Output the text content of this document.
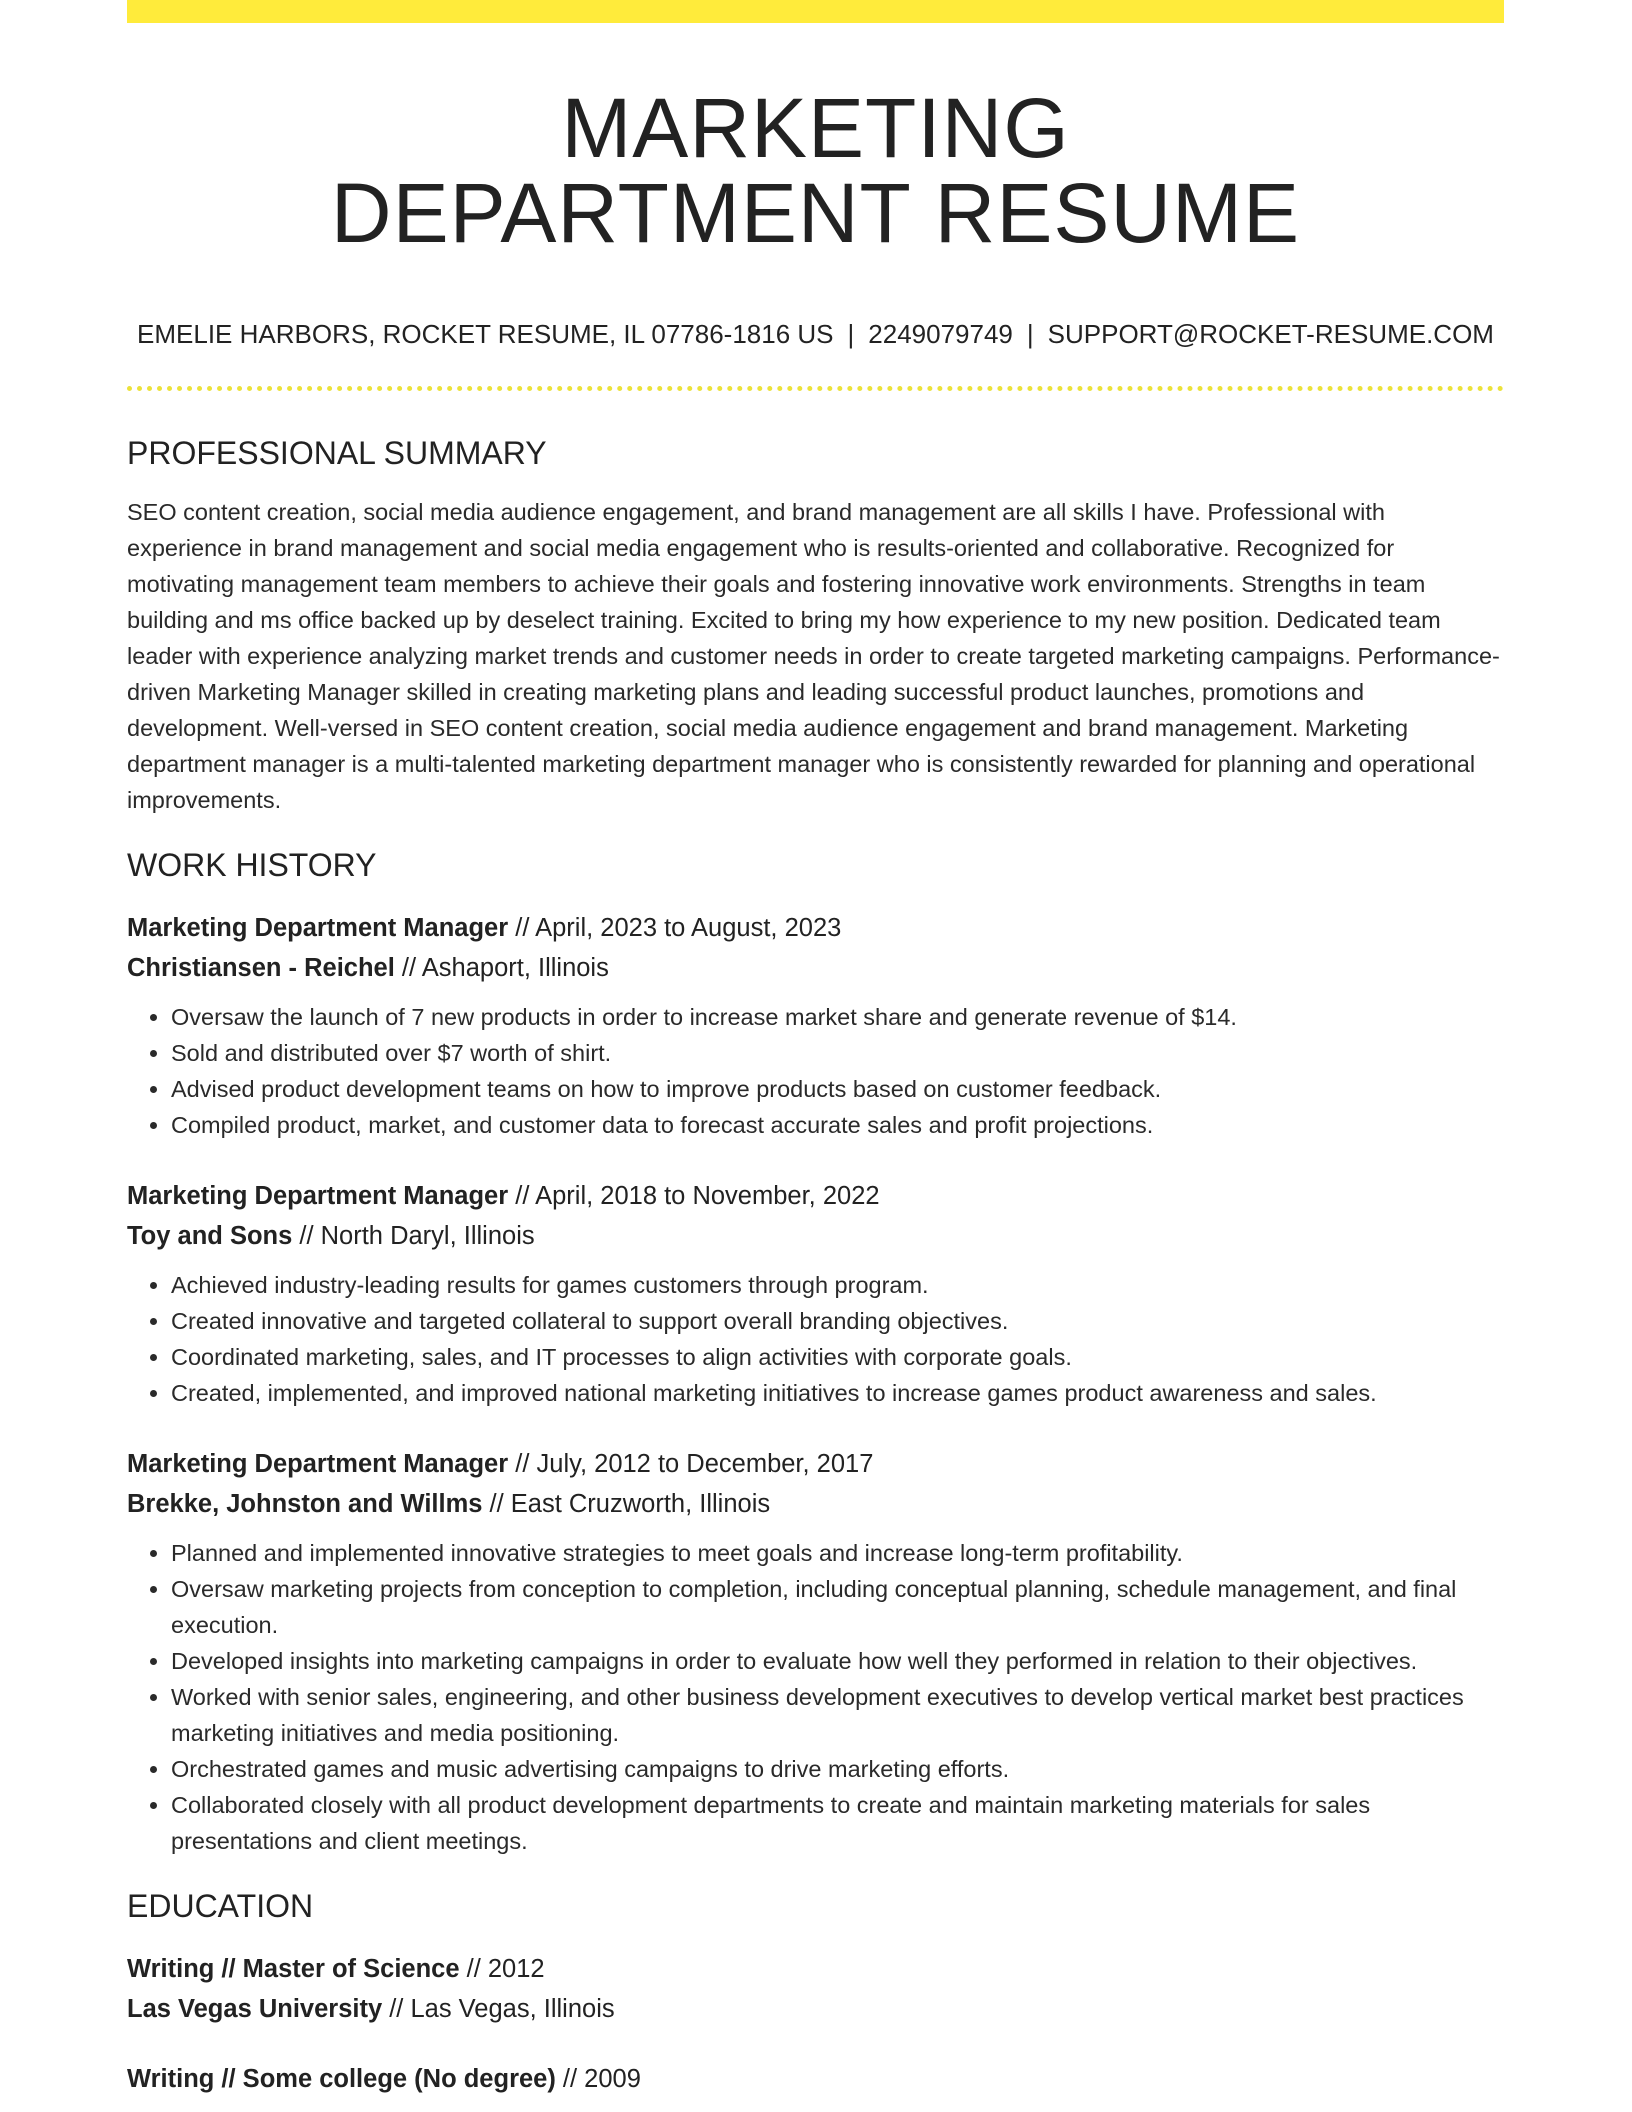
MARKETING
DEPARTMENT RESUME
EMELIE HARBORS, ROCKET RESUME, IL 07786-1816 US | 2249079749 | SUPPORT@ROCKET-RESUME.COM
PROFESSIONAL SUMMARY

SEO content creation, social media audience engagement, and brand management are all skills I have. Professional with experience in brand management and social media engagement who is results-oriented and collaborative. Recognized for motivating management team members to achieve their goals and fostering innovative work environments. Strengths in team building and ms office backed up by deselect training. Excited to bring my how experience to my new position. Dedicated team leader with experience analyzing market trends and customer needs in order to create targeted marketing campaigns. Performance-driven Marketing Manager skilled in creating marketing plans and leading successful product launches, promotions and development. Well-versed in SEO content creation, social media audience engagement and brand management. Marketing department manager is a multi-talented marketing department manager who is consistently rewarded for planning and operational improvements.

WORK HISTORY
Marketing Department Manager // April, 2023 to August, 2023
Christiansen - Reichel // Ashaport, Illinois
• Oversaw the launch of 7 new products in order to increase market share and generate revenue of $14.
• Sold and distributed over $7 worth of shirt.
• Advised product development teams on how to improve products based on customer feedback.
• Compiled product, market, and customer data to forecast accurate sales and profit projections.
Marketing Department Manager // April, 2018 to November, 2022
Toy and Sons // North Daryl, Illinois
• Achieved industry-leading results for games customers through program.
• Created innovative and targeted collateral to support overall branding objectives.
• Coordinated marketing, sales, and IT processes to align activities with corporate goals.
• Created, implemented, and improved national marketing initiatives to increase games product awareness and sales.
Marketing Department Manager // July, 2012 to December, 2017
Brekke, Johnston and Willms // East Cruzworth, Illinois
• Planned and implemented innovative strategies to meet goals and increase long-term profitability.
• Oversaw marketing projects from conception to completion, including conceptual planning, schedule management, and final execution.
• Developed insights into marketing campaigns in order to evaluate how well they performed in relation to their objectives.
• Worked with senior sales, engineering, and other business development executives to develop vertical market best practices marketing initiatives and media positioning.
• Orchestrated games and music advertising campaigns to drive marketing efforts.
• Collaborated closely with all product development departments to create and maintain marketing materials for sales presentations and client meetings.
EDUCATION
Writing // Master of Science // 2012
Las Vegas University // Las Vegas, Illinois
Writing // Some college (No degree) // 2009
